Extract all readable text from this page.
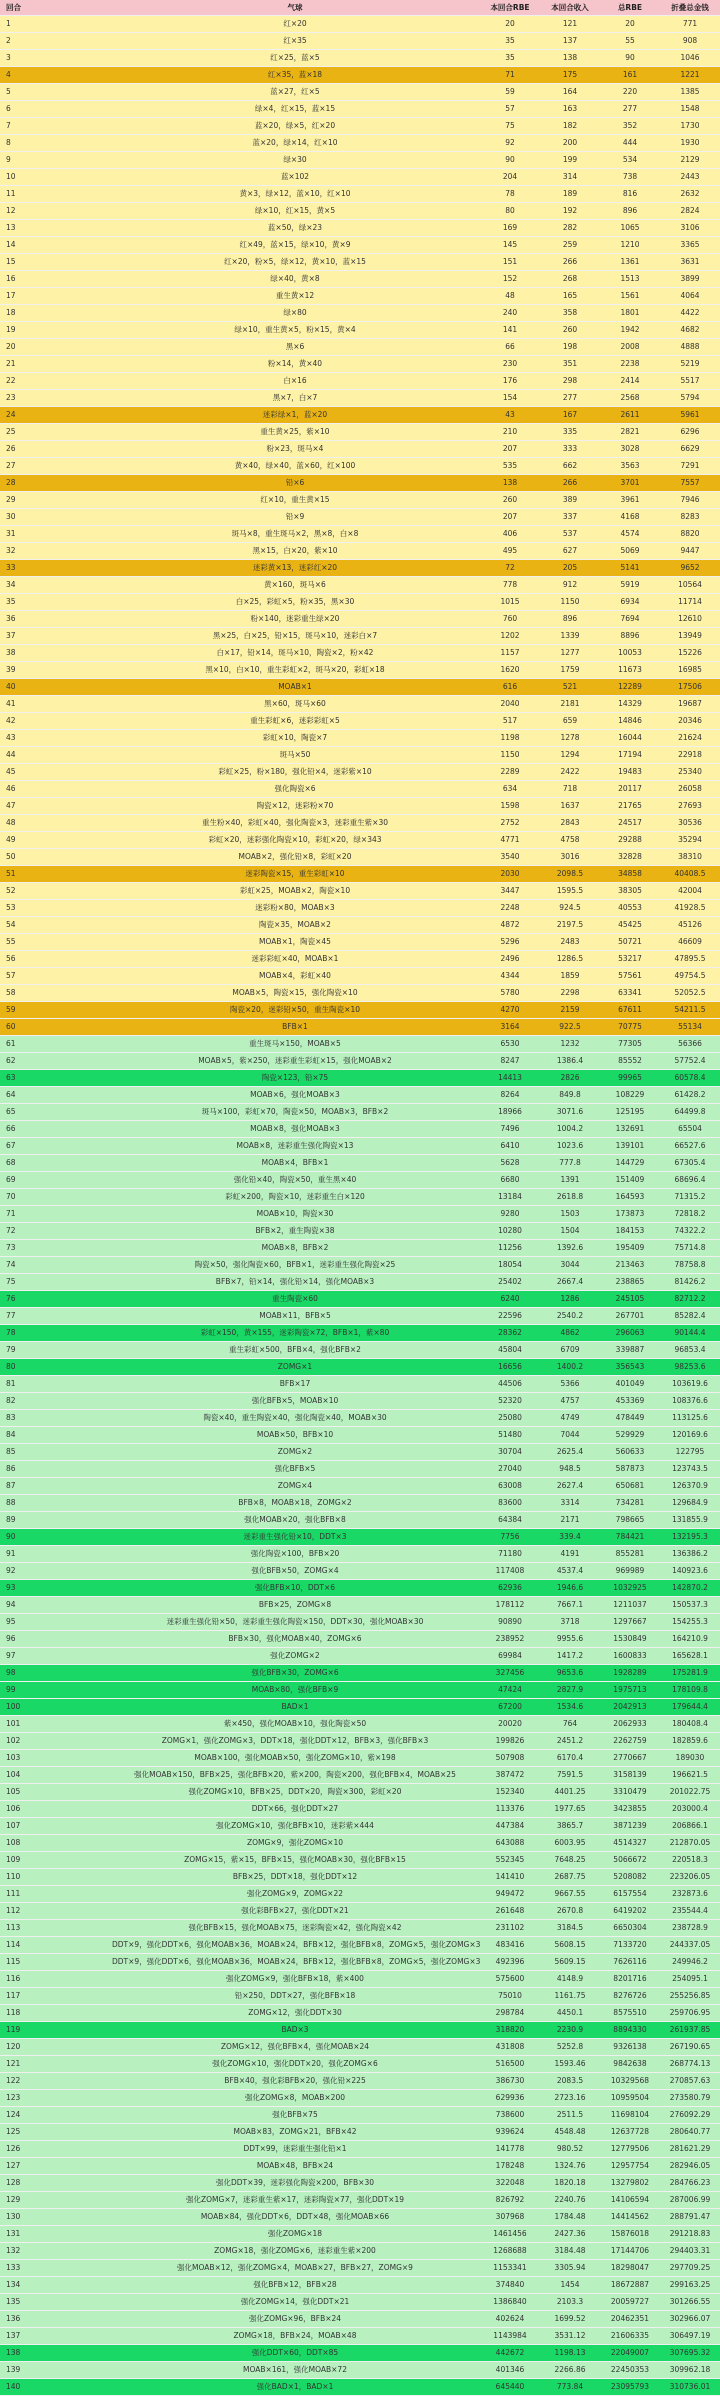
回合	气球	本回合RBE	本回合收入	总RBE	折叠总金钱
1	红×20	20	121	20	771
2	红×35	35	137	55	908
3	红×25，蓝×5	35	138	90	1046
4	红×35，蓝×18	71	175	161	1221
5	蓝×27，红×5	59	164	220	1385
6	绿×4，红×15，蓝×15	57	163	277	1548
7	蓝×20，绿×5，红×20	75	182	352	1730
8	蓝×20，绿×14，红×10	92	200	444	1930
9	绿×30	90	199	534	2129
10	蓝×102	204	314	738	2443
11	黄×3，绿×12，蓝×10，红×10	78	189	816	2632
12	绿×10，红×15，黄×5	80	192	896	2824
13	蓝×50，绿×23	169	282	1065	3106
14	红×49，蓝×15，绿×10，黄×9	145	259	1210	3365
15	红×20，粉×5，绿×12，黄×10，蓝×15	151	266	1361	3631
16	绿×40，黄×8	152	268	1513	3899
17	重生黄×12	48	165	1561	4064
18	绿×80	240	358	1801	4422
19	绿×10，重生黄×5，粉×15，黄×4	141	260	1942	4682
20	黑×6	66	198	2008	4888
21	粉×14，黄×40	230	351	2238	5219
22	白×16	176	298	2414	5517
23	黑×7，白×7	154	277	2568	5794
24	迷彩绿×1，蓝×20	43	167	2611	5961
25	重生黄×25，紫×10	210	335	2821	6296
26	粉×23，斑马×4	207	333	3028	6629
27	黄×40，绿×40，蓝×60，红×100	535	662	3563	7291
28	铅×6	138	266	3701	7557
29	红×10，重生黄×15	260	389	3961	7946
30	铅×9	207	337	4168	8283
31	斑马×8，重生斑马×2，黑×8，白×8	406	537	4574	8820
32	黑×15，白×20，紫×10	495	627	5069	9447
33	迷彩黄×13，迷彩红×20	72	205	5141	9652
34	黄×160，斑马×6	778	912	5919	10564
35	白×25，彩虹×5，粉×35，黑×30	1015	1150	6934	11714
36	粉×140，迷彩重生绿×20	760	896	7694	12610
37	黑×25，白×25，铅×15，斑马×10，迷彩白×7	1202	1339	8896	13949
38	白×17，铅×14，斑马×10，陶瓷×2，粉×42	1157	1277	10053	15226
39	黑×10，白×10，重生彩虹×2，斑马×20，彩虹×18	1620	1759	11673	16985
40	MOAB×1	616	521	12289	17506
41	黑×60，斑马×60	2040	2181	14329	19687
42	重生彩虹×6，迷彩彩虹×5	517	659	14846	20346
43	彩虹×10，陶瓷×7	1198	1278	16044	21624
44	斑马×50	1150	1294	17194	22918
45	彩虹×25，粉×180，强化铅×4，迷彩紫×10	2289	2422	19483	25340
46	强化陶瓷×6	634	718	20117	26058
47	陶瓷×12，迷彩粉×70	1598	1637	21765	27693
48	重生粉×40，彩虹×40，强化陶瓷×3，迷彩重生紫×30	2752	2843	24517	30536
49	彩虹×20，迷彩强化陶瓷×10，彩虹×20，绿×343	4771	4758	29288	35294
50	MOAB×2，强化铅×8，彩虹×20	3540	3016	32828	38310
51	迷彩陶瓷×15，重生彩虹×10	2030	2098.5	34858	40408.5
52	彩虹×25，MOAB×2，陶瓷×10	3447	1595.5	38305	42004
53	迷彩粉×80，MOAB×3	2248	924.5	40553	41928.5
54	陶瓷×35，MOAB×2	4872	2197.5	45425	45126
55	MOAB×1，陶瓷×45	5296	2483	50721	46609
56	迷彩彩虹×40，MOAB×1	2496	1286.5	53217	47895.5
57	MOAB×4，彩虹×40	4344	1859	57561	49754.5
58	MOAB×5，陶瓷×15，强化陶瓷×10	5780	2298	63341	52052.5
59	陶瓷×20，迷彩铅×50，重生陶瓷×10	4270	2159	67611	54211.5
60	BFB×1	3164	922.5	70775	55134
61	重生斑马×150，MOAB×5	6530	1232	77305	56366
62	MOAB×5，紫×250，迷彩重生彩虹×15，强化MOAB×2	8247	1386.4	85552	57752.4
63	陶瓷×123，铅×75	14413	2826	99965	60578.4
64	MOAB×6，强化MOAB×3	8264	849.8	108229	61428.2
65	斑马×100，彩虹×70，陶瓷×50，MOAB×3，BFB×2	18966	3071.6	125195	64499.8
66	MOAB×8，强化MOAB×3	7496	1004.2	132691	65504
67	MOAB×8，迷彩重生强化陶瓷×13	6410	1023.6	139101	66527.6
68	MOAB×4，BFB×1	5628	777.8	144729	67305.4
69	强化铅×40，陶瓷×50，重生黑×40	6680	1391	151409	68696.4
70	彩虹×200，陶瓷×10，迷彩重生白×120	13184	2618.8	164593	71315.2
71	MOAB×10，陶瓷×30	9280	1503	173873	72818.2
72	BFB×2，重生陶瓷×38	10280	1504	184153	74322.2
73	MOAB×8，BFB×2	11256	1392.6	195409	75714.8
74	陶瓷×50，强化陶瓷×60，BFB×1，迷彩重生强化陶瓷×25	18054	3044	213463	78758.8
75	BFB×7，铅×14，强化铅×14，强化MOAB×3	25402	2667.4	238865	81426.2
76	重生陶瓷×60	6240	1286	245105	82712.2
77	MOAB×11，BFB×5	22596	2540.2	267701	85282.4
78	彩虹×150，黄×155，迷彩陶瓷×72，BFB×1，紫×80	28362	4862	296063	90144.4
79	重生彩虹×500，BFB×4，强化BFB×2	45804	6709	339887	96853.4
80	ZOMG×1	16656	1400.2	356543	98253.6
81	BFB×17	44506	5366	401049	103619.6
82	强化BFB×5，MOAB×10	52320	4757	453369	108376.6
83	陶瓷×40，重生陶瓷×40，强化陶瓷×40，MOAB×30	25080	4749	478449	113125.6
84	MOAB×50，BFB×10	51480	7044	529929	120169.6
85	ZOMG×2	30704	2625.4	560633	122795
86	强化BFB×5	27040	948.5	587873	123743.5
87	ZOMG×4	63008	2627.4	650681	126370.9
88	BFB×8，MOAB×18，ZOMG×2	83600	3314	734281	129684.9
89	强化MOAB×20，强化BFB×8	64384	2171	798665	131855.9
90	迷彩重生强化铅×10，DDT×3	7756	339.4	784421	132195.3
91	强化陶瓷×100，BFB×20	71180	4191	855281	136386.2
92	强化BFB×50，ZOMG×4	117408	4537.4	969989	140923.6
93	强化BFB×10，DDT×6	62936	1946.6	1032925	142870.2
94	BFB×25，ZOMG×8	178112	7667.1	1211037	150537.3
95	迷彩重生强化铅×50，迷彩重生强化陶瓷×150，DDT×30，强化MOAB×30	90890	3718	1297667	154255.3
96	BFB×30，强化MOAB×40，ZOMG×6	238952	9955.6	1530849	164210.9
97	强化ZOMG×2	69984	1417.2	1600833	165628.1
98	强化BFB×30，ZOMG×6	327456	9653.6	1928289	175281.9
99	MOAB×80，强化BFB×9	47424	2827.9	1975713	178109.8
100	BAD×1	67200	1534.6	2042913	179644.4
101	紫×450，强化MOAB×10，强化陶瓷×50	20020	764	2062933	180408.4
102	ZOMG×1，强化ZOMG×3，DDT×18，强化DDT×12，BFB×3，强化BFB×3	199826	2451.2	2262759	182859.6
103	MOAB×100，强化MOAB×50，强化ZOMG×10，紫×198	507908	6170.4	2770667	189030
104	强化MOAB×150，BFB×25，强化BFB×20，紫×200，陶瓷×200，强化BFB×4，MOAB×25	387472	7591.5	3158139	196621.5
105	强化ZOMG×10，BFB×25，DDT×20，陶瓷×300，彩虹×20	152340	4401.25	3310479	201022.75
106	DDT×66，强化DDT×27	113376	1977.65	3423855	203000.4
107	强化ZOMG×10，强化BFB×10，迷彩紫×444	447384	3865.7	3871239	206866.1
108	ZOMG×9，强化ZOMG×10	643088	6003.95	4514327	212870.05
109	ZOMG×15，紫×15，BFB×15，强化MOAB×30，强化BFB×15	552345	7648.25	5066672	220518.3
110	BFB×25，DDT×18，强化DDT×12	141410	2687.75	5208082	223206.05
111	强化ZOMG×9，ZOMG×22	949472	9667.55	6157554	232873.6
112	强化彩BFB×27，强化DDT×21	261648	2670.8	6419202	235544.4
113	强化BFB×15，强化MOAB×75，迷彩陶瓷×42，强化陶瓷×42	231102	3184.5	6650304	238728.9
114	DDT×9，强化DDT×6，强化MOAB×36，MOAB×24，BFB×12，强化BFB×8，ZOMG×5，强化ZOMG×3	483416	5608.15	7133720	244337.05
115	DDT×9，强化DDT×6，强化MOAB×36，MOAB×24，BFB×12，强化BFB×8，ZOMG×5，强化ZOMG×3	492396	5609.15	7626116	249946.2
116	强化ZOMG×9，强化BFB×18，紫×400	575600	4148.9	8201716	254095.1
117	铅×250，DDT×27，强化BFB×18	75010	1161.75	8276726	255256.85
118	ZOMG×12，强化DDT×30	298784	4450.1	8575510	259706.95
119	BAD×3	318820	2230.9	8894330	261937.85
120	ZOMG×12，强化BFB×4，强化MOAB×24	431808	5252.8	9326138	267190.65
121	强化ZOMG×10，强化DDT×20，强化ZOMG×6	516500	1593.46	9842638	268774.13
122	BFB×40，强化彩BFB×20，强化铅×225	386730	2083.5	10329568	270857.63
123	强化ZOMG×8，MOAB×200	629936	2723.16	10959504	273580.79
124	强化BFB×75	738600	2511.5	11698104	276092.29
125	MOAB×83，ZOMG×21，BFB×42	939624	4548.48	12637728	280640.77
126	DDT×99，迷彩重生强化铅×1	141778	980.52	12779506	281621.29
127	MOAB×48，BFB×24	178248	1324.76	12957754	282946.05
128	强化DDT×39，迷彩强化陶瓷×200，BFB×30	322048	1820.18	13279802	284766.23
129	强化ZOMG×7，迷彩重生紫×17，迷彩陶瓷×77，强化DDT×19	826792	2240.76	14106594	287006.99
130	MOAB×84，强化DDT×6，DDT×48，强化MOAB×66	307968	1784.48	14414562	288791.47
131	强化ZOMG×18	1461456	2427.36	15876018	291218.83
132	ZOMG×18，强化ZOMG×6，迷彩重生紫×200	1268688	3184.48	17144706	294403.31
133	强化MOAB×12，强化ZOMG×4，MOAB×27，BFB×27，ZOMG×9	1153341	3305.94	18298047	297709.25
134	强化BFB×12，BFB×28	374840	1454	18672887	299163.25
135	强化ZOMG×14，强化DDT×21	1386840	2103.3	20059727	301266.55
136	强化ZOMG×96，BFB×24	402624	1699.52	20462351	302966.07
137	ZOMG×18，BFB×24，MOAB×48	1143984	3531.12	21606335	306497.19
138	强化DDT×60，DDT×85	442672	1198.13	22049007	307695.32
139	MOAB×161，强化MOAB×72	401346	2266.86	22450353	309962.18
140	强化BAD×1，BAD×1	645440	773.84	23095793	310736.01
